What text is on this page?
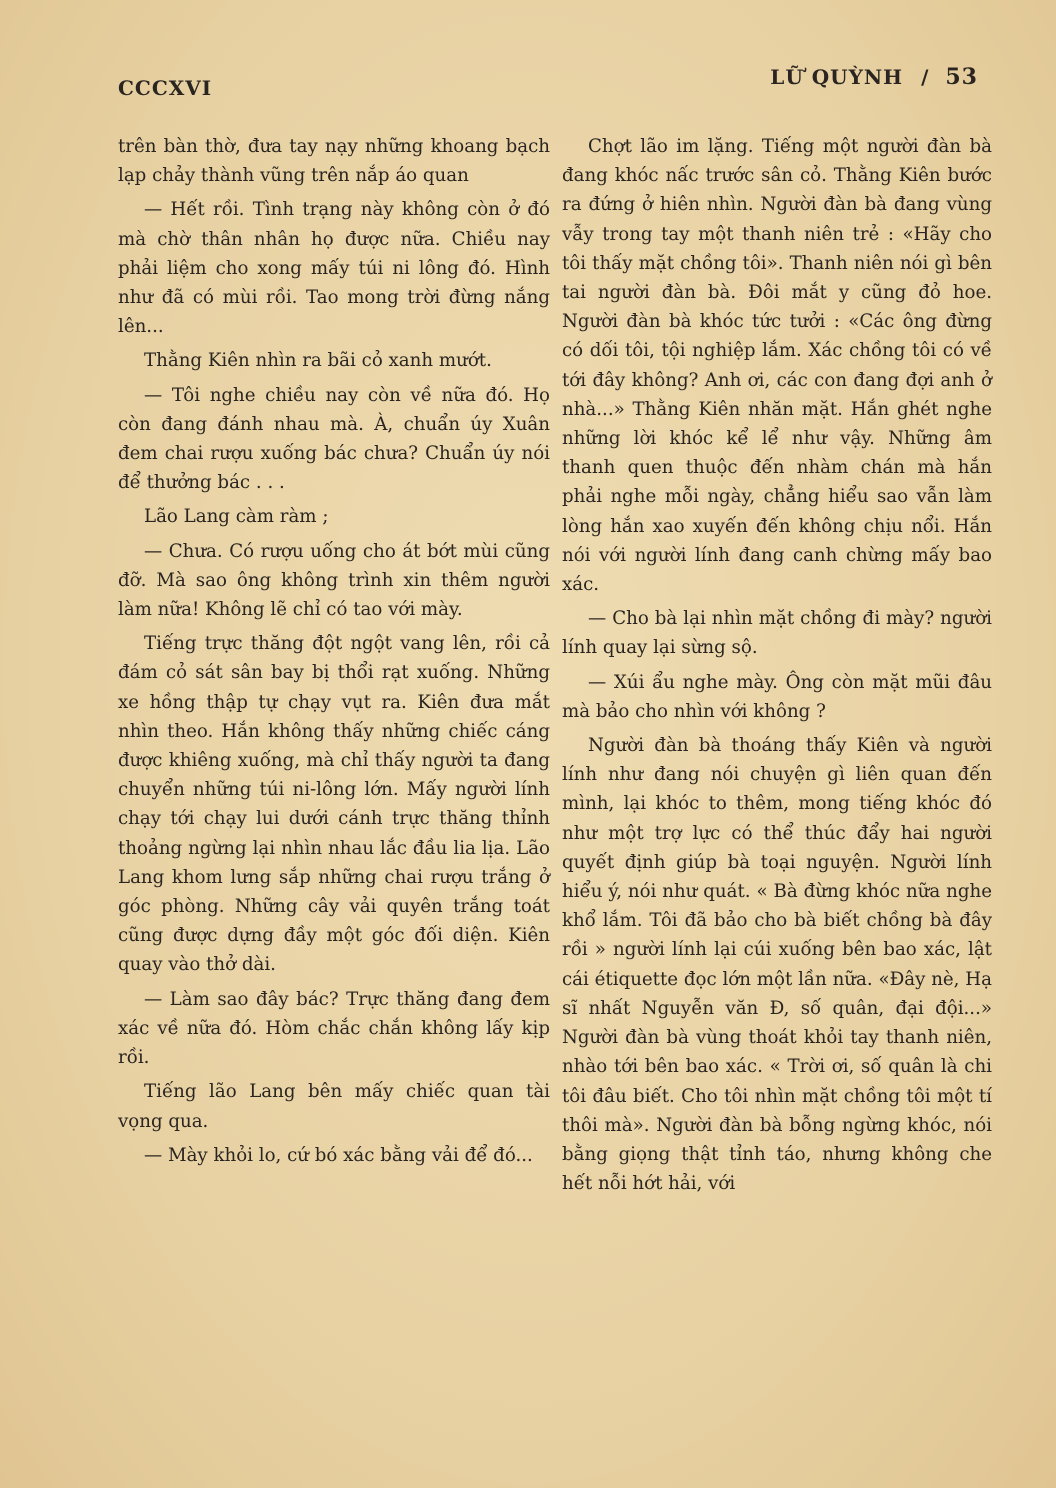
CCCXVI	LỮ QUỲNH / 53

trên bàn thờ, đưa tay nạy những khoang bạch lạp chảy thành vũng trên nắp áo quan

— Hết rồi. Tình trạng này không còn ở đó mà chờ thân nhân họ được nữa. Chiều nay phải liệm cho xong mấy túi ni lông đó. Hình như đã có mùi rồi. Tao mong trời đừng nắng lên...

Thằng Kiên nhìn ra bãi cỏ xanh mướt.

— Tôi nghe chiều nay còn về nữa đó. Họ còn đang đánh nhau mà. À, chuẩn úy Xuân đem chai rượu xuống bác chưa? Chuẩn úy nói để thưởng bác . . .

Lão Lang càm ràm ;

— Chưa. Có rượu uống cho át bớt mùi cũng đỡ. Mà sao ông không trình xin thêm người làm nữa! Không lẽ chỉ có tao với mày.

Tiếng trực thăng đột ngột vang lên, rồi cả đám cỏ sát sân bay bị thổi rạt xuống. Những xe hồng thập tự chạy vụt ra. Kiên đưa mắt nhìn theo. Hắn không thấy những chiếc cáng được khiêng xuống, mà chỉ thấy người ta đang chuyển những túi ni-lông lớn. Mấy người lính chạy tới chạy lui dưới cánh trực thăng thỉnh thoảng ngừng lại nhìn nhau lắc đầu lia lịa. Lão Lang khom lưng sắp những chai rượu trắng ở góc phòng. Những cây vải quyên trắng toát cũng được dựng đầy một góc đối diện. Kiên quay vào thở dài.

— Làm sao đây bác? Trực thăng đang đem xác về nữa đó. Hòm chắc chắn không lấy kịp rồi.

Tiếng lão Lang bên mấy chiếc quan tài vọng qua.

— Mày khỏi lo, cứ bó xác bằng vải để đó...

Chợt lão im lặng. Tiếng một người đàn bà đang khóc nấc trước sân cỏ. Thằng Kiên bước ra đứng ở hiên nhìn. Người đàn bà đang vùng vẫy trong tay một thanh niên trẻ : «Hãy cho tôi thấy mặt chồng tôi». Thanh niên nói gì bên tai người đàn bà. Đôi mắt y cũng đỏ hoe. Người đàn bà khóc tức tưởi : «Các ông đừng có dối tôi, tội nghiệp lắm. Xác chồng tôi có về tới đây không? Anh ơi, các con đang đợi anh ở nhà...» Thằng Kiên nhăn mặt. Hắn ghét nghe những lời khóc kể lể như vậy. Những âm thanh quen thuộc đến nhàm chán mà hắn phải nghe mỗi ngày, chẳng hiểu sao vẫn làm lòng hắn xao xuyến đến không chịu nổi. Hắn nói với người lính đang canh chừng mấy bao xác.

— Cho bà lại nhìn mặt chồng đi mày? người lính quay lại sừng sộ.

— Xúi ẩu nghe mày. Ông còn mặt mũi đâu mà bảo cho nhìn với không ?

Người đàn bà thoáng thấy Kiên và người lính như đang nói chuyện gì liên quan đến mình, lại khóc to thêm, mong tiếng khóc đó như một trợ lực có thể thúc đẩy hai người quyết định giúp bà toại nguyện. Người lính hiểu ý, nói như quát. « Bà đừng khóc nữa nghe khổ lắm. Tôi đã bảo cho bà biết chồng bà đây rồi » người lính lại cúi xuống bên bao xác, lật cái étiquette đọc lớn một lần nữa. «Đây nè, Hạ sĩ nhất Nguyễn văn Đ, số quân, đại đội...» Người đàn bà vùng thoát khỏi tay thanh niên, nhào tới bên bao xác. « Trời ơi, số quân là chi tôi đâu biết. Cho tôi nhìn mặt chồng tôi một tí thôi mà». Người đàn bà bỗng ngừng khóc, nói bằng giọng thật tỉnh táo, nhưng không che hết nỗi hớt hải, với
